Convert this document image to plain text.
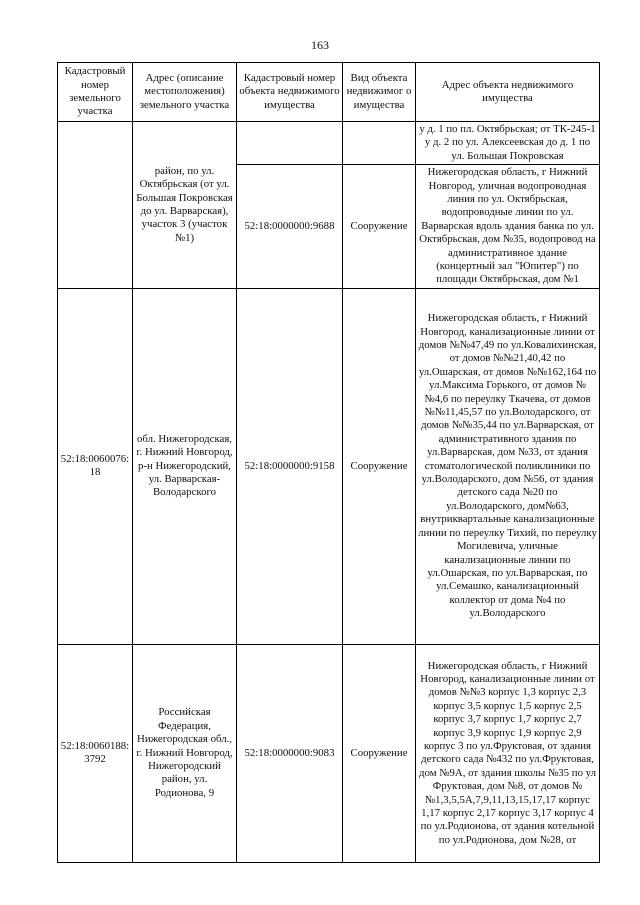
163
Кадастровый номер земельного участка	Адрес (описание местоположения) земельного участка	Кадастровый номер объекта недвижимого имущества	Вид объекта недвижимог о имущества	Адрес объекта недвижимого имущества
	район, по ул. Октябрьская (от ул. Большая Покровская до ул. Варварская), участок 3 (участок №1)			у д. 1 по пл. Октябрьская; от ТК-245-1 у д. 2 по ул. Алексеевская до д. 1 по ул. Большая Покровская
		52:18:0000000:9688	Сооружение	Нижегородская область, г Нижний Новгород, уличная водопроводная линия по ул. Октябрьская, водопроводные линии по ул. Варварская вдоль здания банка по ул. Октябрьская, дом №35, водопровод на административное здание (концертный зал "Юпитер") по площади Октябрьская, дом №1
52:18:0060076:18	обл. Нижегородская, г. Нижний Новгород, р-н Нижегородский, ул. Варварская-Володарского	52:18:0000000:9158	Сооружение	Нижегородская область, г Нижний Новгород, канализационные линии от домов №№47,49 по ул.Ковалихинская, от домов №№21,40,42 по ул.Ошарская, от домов №№162,164 по ул.Максима Горького, от домов №№4,6 по переулку Ткачева, от домов №№11,45,57 по ул.Володарского, от домов №№35,44 по ул.Варварская, от административного здания по ул.Варварская, дом №33, от здания стоматологической поликлиники по ул.Володарского, дом №56, от здания детского сада №20 по ул.Володарского, дом№63, внутриквартальные канализационные линии по переулку Тихий, по переулку Могилевича, уличные канализационные линии по ул.Ошарская, по ул.Варварская, по ул.Семашко, канализационный коллектор от дома №4 по ул.Володарского
52:18:0060188:3792	Российская Федерация, Нижегородская обл., г. Нижний Новгород, Нижегородский район, ул. Родионова, 9	52:18:0000000:9083	Сооружение	Нижегородская область, г Нижний Новгород, канализационные линии от домов №№3 корпус 1,3 корпус 2,3 корпус 3,5 корпус 1,5 корпус 2,5 корпус 3,7 корпус 1,7 корпус 2,7 корпус 3,9 корпус 1,9 корпус 2,9 корпус 3 по ул.Фруктовая, от здания детского сада №432 по ул.Фруктовая, дом №9А, от здания школы №35 по ул Фруктовая, дом №8, от домов №№1,3,5,5А,7,9,11,13,15,17,17 корпус 1,17 корпус 2,17 корпус 3,17 корпус 4 по ул.Родионова, от здания котельной по ул.Родионова, дом №28, от
